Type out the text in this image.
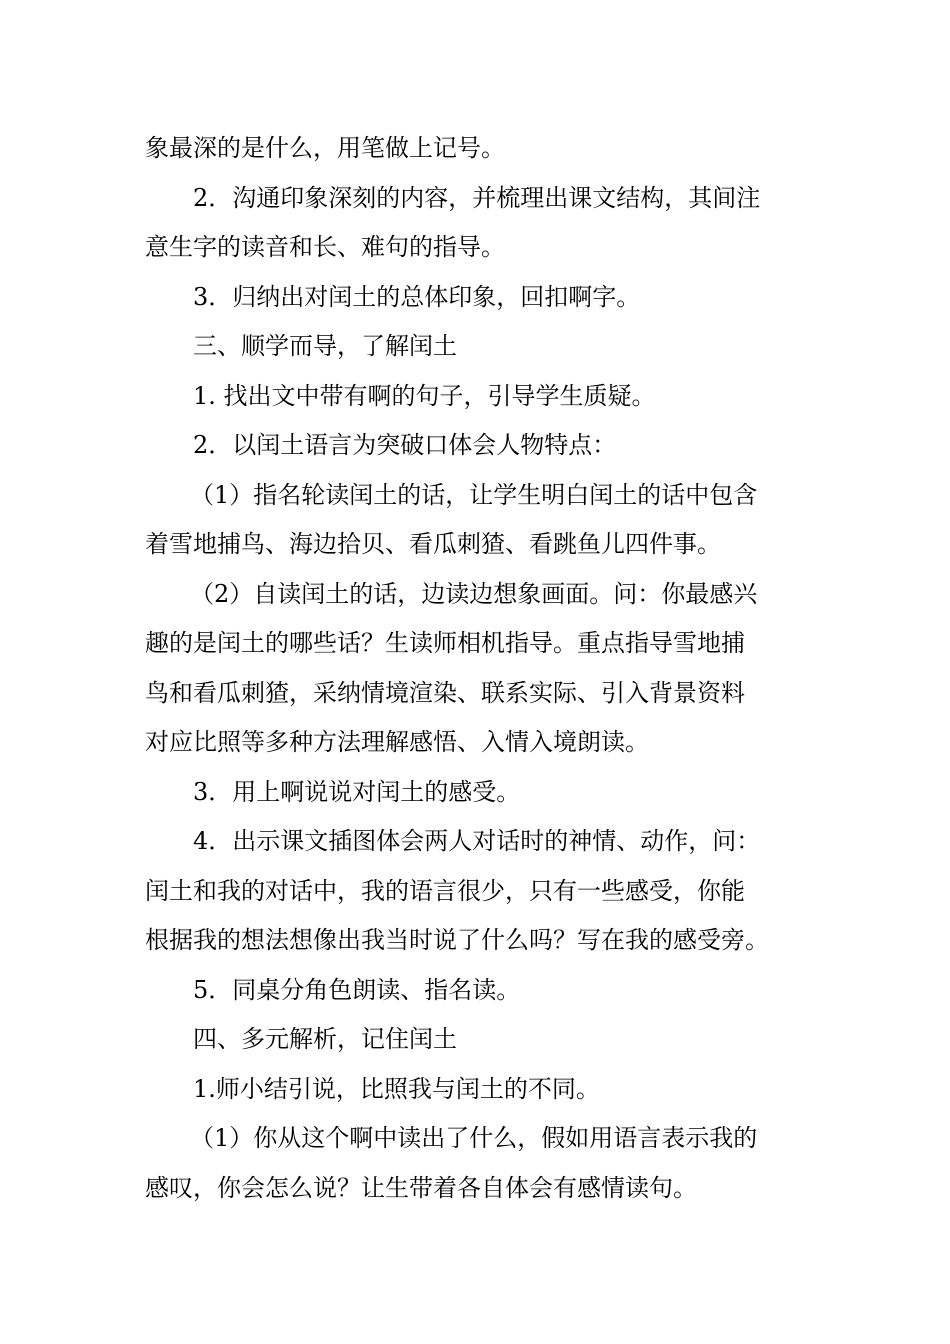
象最深的是什么，用笔做上记号。

2．沟通印象深刻的内容，并梳理出课文结构，其间注

意生字的读音和长、难句的指导。

3．归纳出对闰土的总体印象，回扣啊字。

三、顺学而导，了解闰土

1. 找出文中带有啊的句子，引导学生质疑。

2．以闰土语言为突破口体会人物特点：

（1）指名轮读闰土的话，让学生明白闰土的话中包含

着雪地捕鸟、海边拾贝、看瓜刺猹、看跳鱼儿四件事。

（2）自读闰土的话，边读边想象画面。问：你最感兴

趣的是闰土的哪些话？生读师相机指导。重点指导雪地捕

鸟和看瓜刺猹，采纳情境渲染、联系实际、引入背景资料

对应比照等多种方法理解感悟、入情入境朗读。

3．用上啊说说对闰土的感受。

4．出示课文插图体会两人对话时的神情、动作，问：

闰土和我的对话中，我的语言很少，只有一些感受，你能

根据我的想法想像出我当时说了什么吗？写在我的感受旁。

5．同桌分角色朗读、指名读。

四、多元解析，记住闰土

1.师小结引说，比照我与闰土的不同。

（1）你从这个啊中读出了什么，假如用语言表示我的

感叹，你会怎么说？让生带着各自体会有感情读句。
